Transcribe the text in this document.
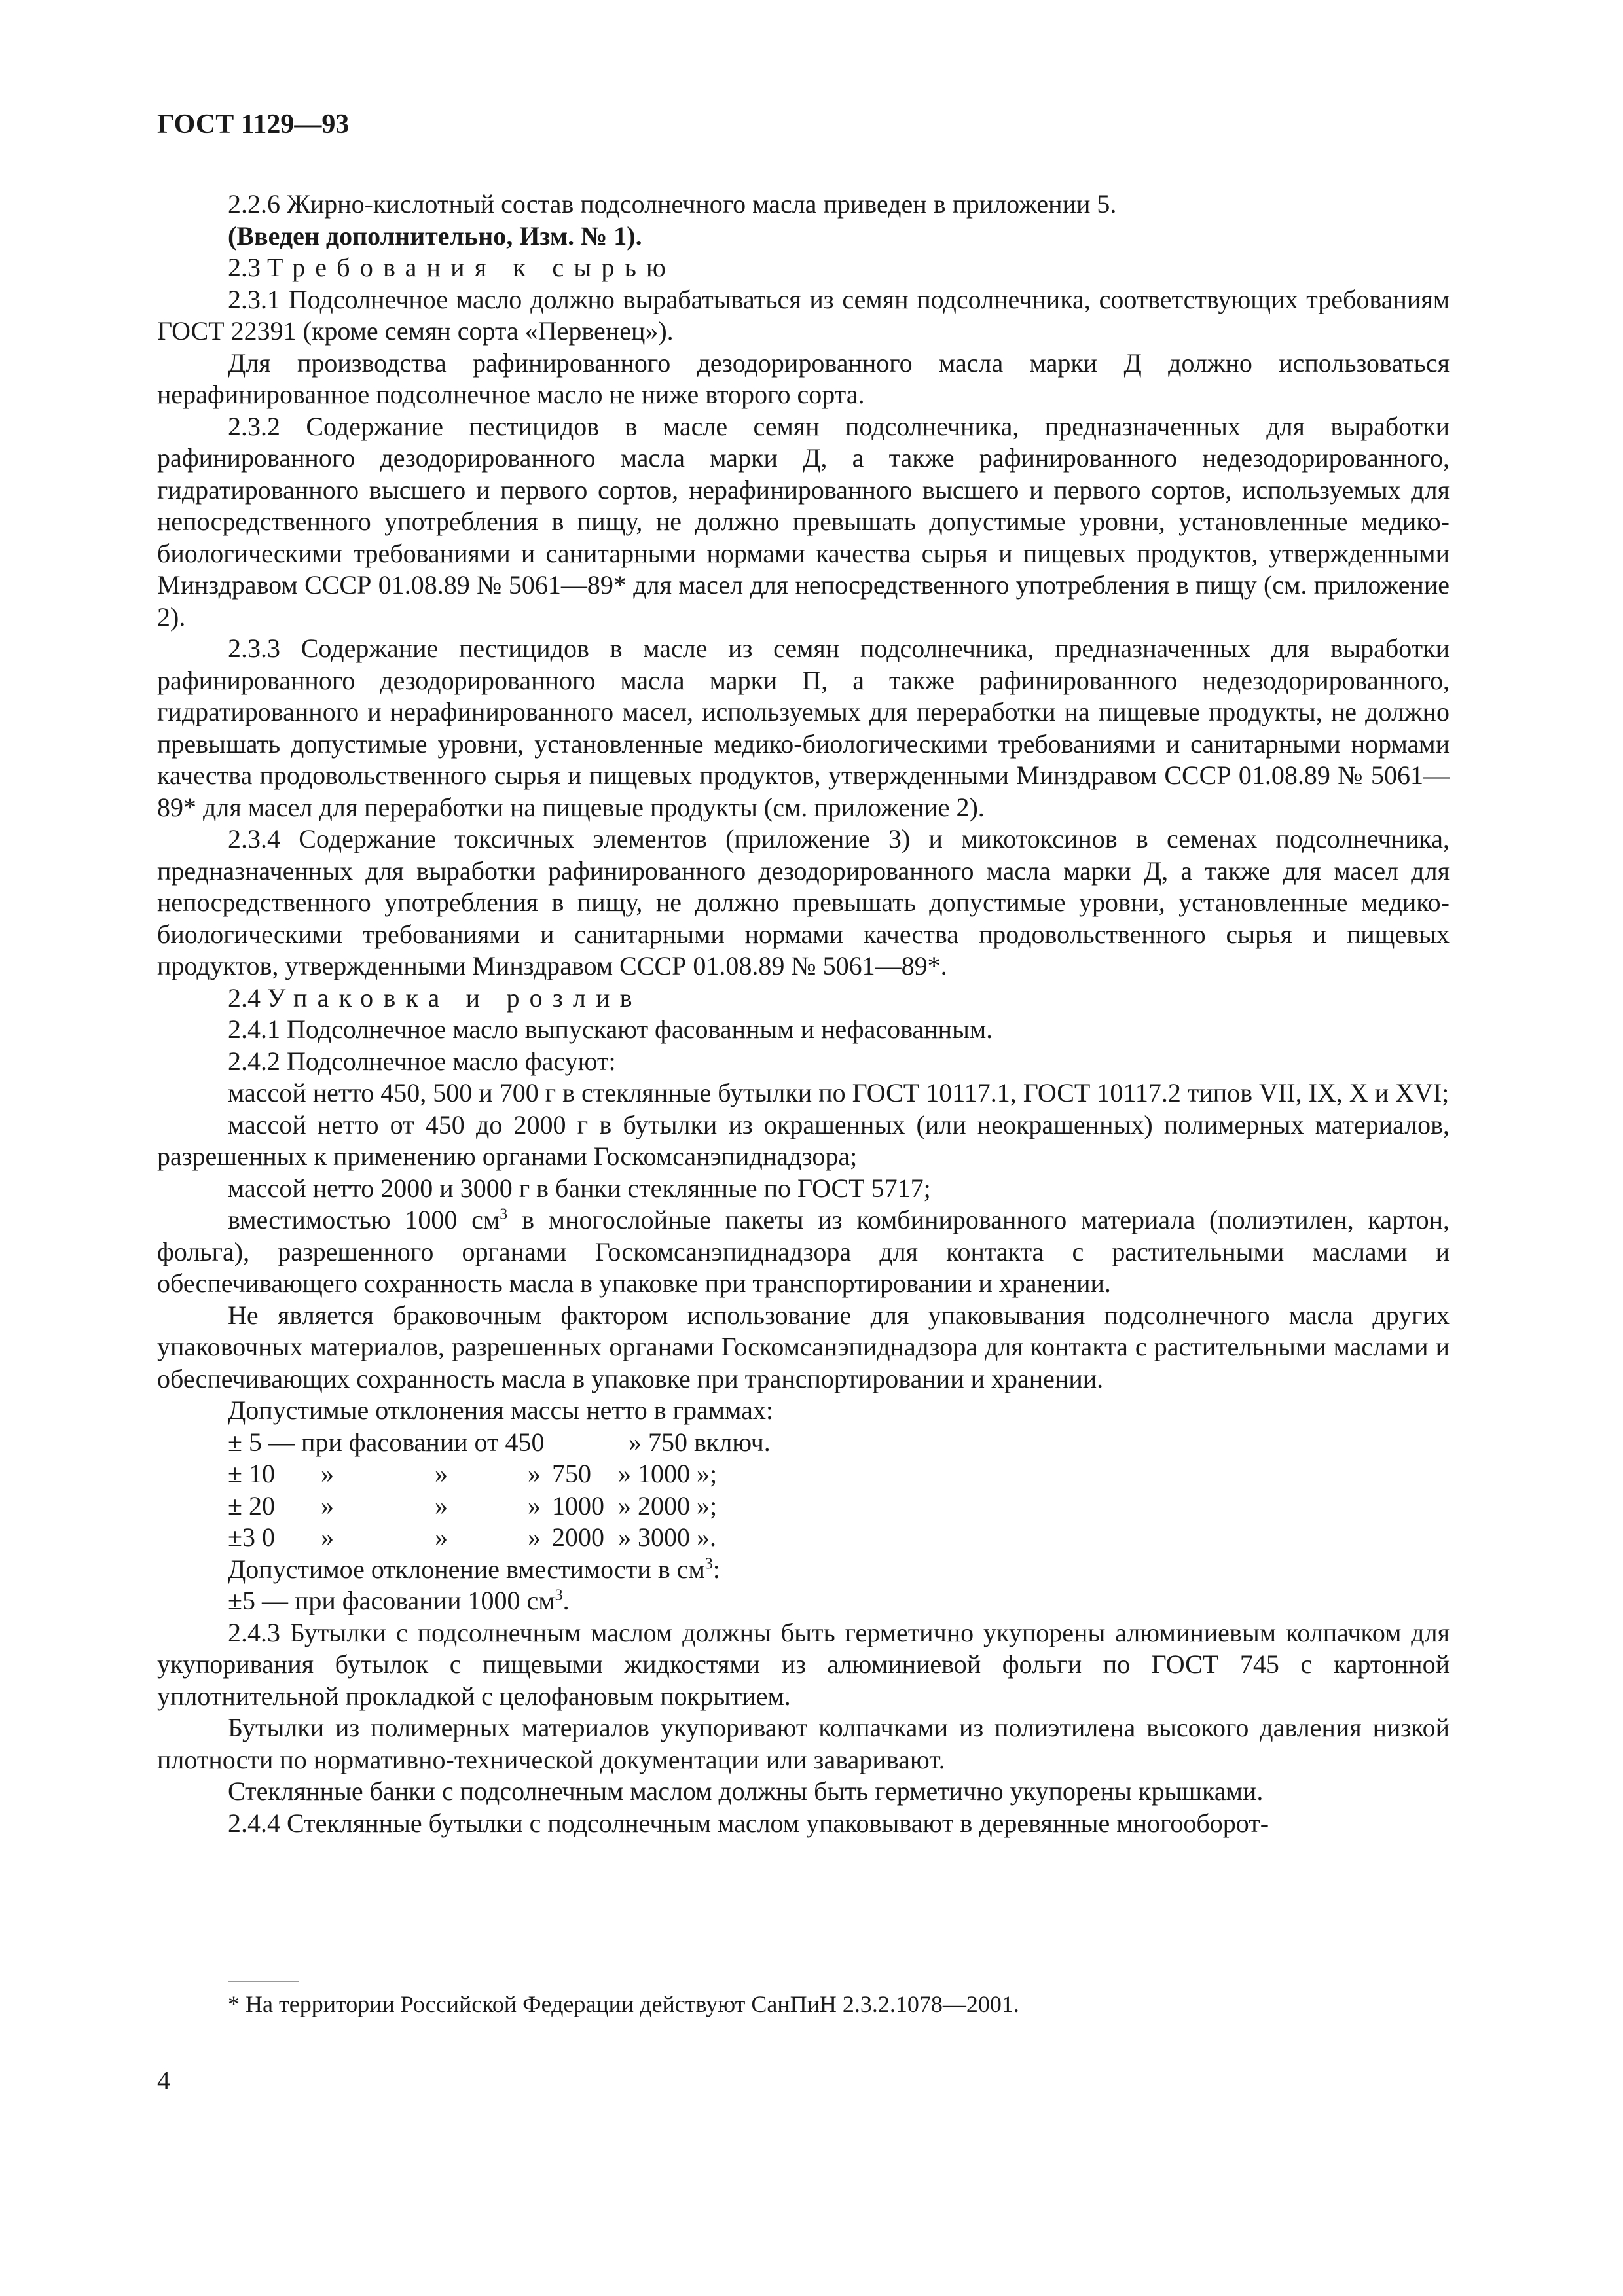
ГОСТ 1129—93

2.2.6 Жирно-кислотный состав подсолнечного масла приведен в приложении 5.

(Введен дополнительно, Изм. № 1).

2.3 Требования к сырью

2.3.1 Подсолнечное масло должно вырабатываться из семян подсолнечника, соответствующих требованиям ГОСТ 22391 (кроме семян сорта «Первенец»).

Для производства рафинированного дезодорированного масла марки Д должно использоваться нерафинированное подсолнечное масло не ниже второго сорта.

2.3.2 Содержание пестицидов в масле семян подсолнечника, предназначенных для выработки рафинированного дезодорированного масла марки Д, а также рафинированного недезодорированного, гидратированного высшего и первого сортов, нерафинированного высшего и первого сортов, используемых для непосредственного употребления в пищу, не должно превышать допустимые уровни, установленные медико-биологическими требованиями и санитарными нормами качества сырья и пищевых продуктов, утвержденными Минздравом СССР 01.08.89 № 5061—89* для масел для непосредственного употребления в пищу (см. приложение 2).

2.3.3 Содержание пестицидов в масле из семян подсолнечника, предназначенных для выработки рафинированного дезодорированного масла марки П, а также рафинированного недезодорированного, гидратированного и нерафинированного масел, используемых для переработки на пищевые продукты, не должно превышать допустимые уровни, установленные медико-биологическими требованиями и санитарными нормами качества продовольственного сырья и пищевых продуктов, утвержденными Минздравом СССР 01.08.89 № 5061—89* для масел для переработки на пищевые продукты (см. приложение 2).

2.3.4 Содержание токсичных элементов (приложение 3) и микотоксинов в семенах подсолнечника, предназначенных для выработки рафинированного дезодорированного масла марки Д, а также для масел для непосредственного употребления в пищу, не должно превышать допустимые уровни, установленные медико-биологическими требованиями и санитарными нормами качества продовольственного сырья и пищевых продуктов, утвержденными Минздравом СССР 01.08.89 № 5061—89*.

2.4 Упаковка и розлив

2.4.1 Подсолнечное масло выпускают фасованным и нефасованным.

2.4.2 Подсолнечное масло фасуют:

массой нетто 450, 500 и 700 г в стеклянные бутылки по ГОСТ 10117.1, ГОСТ 10117.2 типов VII, IX, X и XVI;

массой нетто от 450 до 2000 г в бутылки из окрашенных (или неокрашенных) полимерных материалов, разрешенных к применению органами Госкомсанэпиднадзора;

массой нетто 2000 и 3000 г в банки стеклянные по ГОСТ 5717;

вместимостью 1000 $см^3$ в многослойные пакеты из комбинированного материала (полиэтилен, картон, фольга), разрешенного органами Госкомсанэпиднадзора для контакта с растительными маслами и обеспечивающего сохранность масла в упаковке при транспортировании и хранении.

Не является браковочным фактором использование для упаковывания подсолнечного масла других упаковочных материалов, разрешенных органами Госкомсанэпиднадзора для контакта с растительными маслами и обеспечивающих сохранность масла в упаковке при транспортировании и хранении.

Допустимые отклонения массы нетто в граммах:

± 5 — при фасовании от 450	» 750 включ.
± 10 »	»	» 750 » 1000 »;
± 20 »	»	» 1000 » 2000 »;
±3 0 »	»	» 2000 » 3000 ».

Допустимое отклонение вместимости в $см^3$:

±5 — при фасовании 1000 $см^3$.

2.4.3 Бутылки с подсолнечным маслом должны быть герметично укупорены алюминиевым колпачком для укупоривания бутылок с пищевыми жидкостями из алюминиевой фольги по ГОСТ 745 с картонной уплотнительной прокладкой с целофановым покрытием.

Бутылки из полимерных материалов укупоривают колпачками из полиэтилена высокого давления низкой плотности по нормативно-технической документации или заваривают.

Стеклянные банки с подсолнечным маслом должны быть герметично укупорены крышками.

2.4.4 Стеклянные бутылки с подсолнечным маслом упаковывают в деревянные многооборот-

* На территории Российской Федерации действуют СанПиН 2.3.2.1078—2001.
4
